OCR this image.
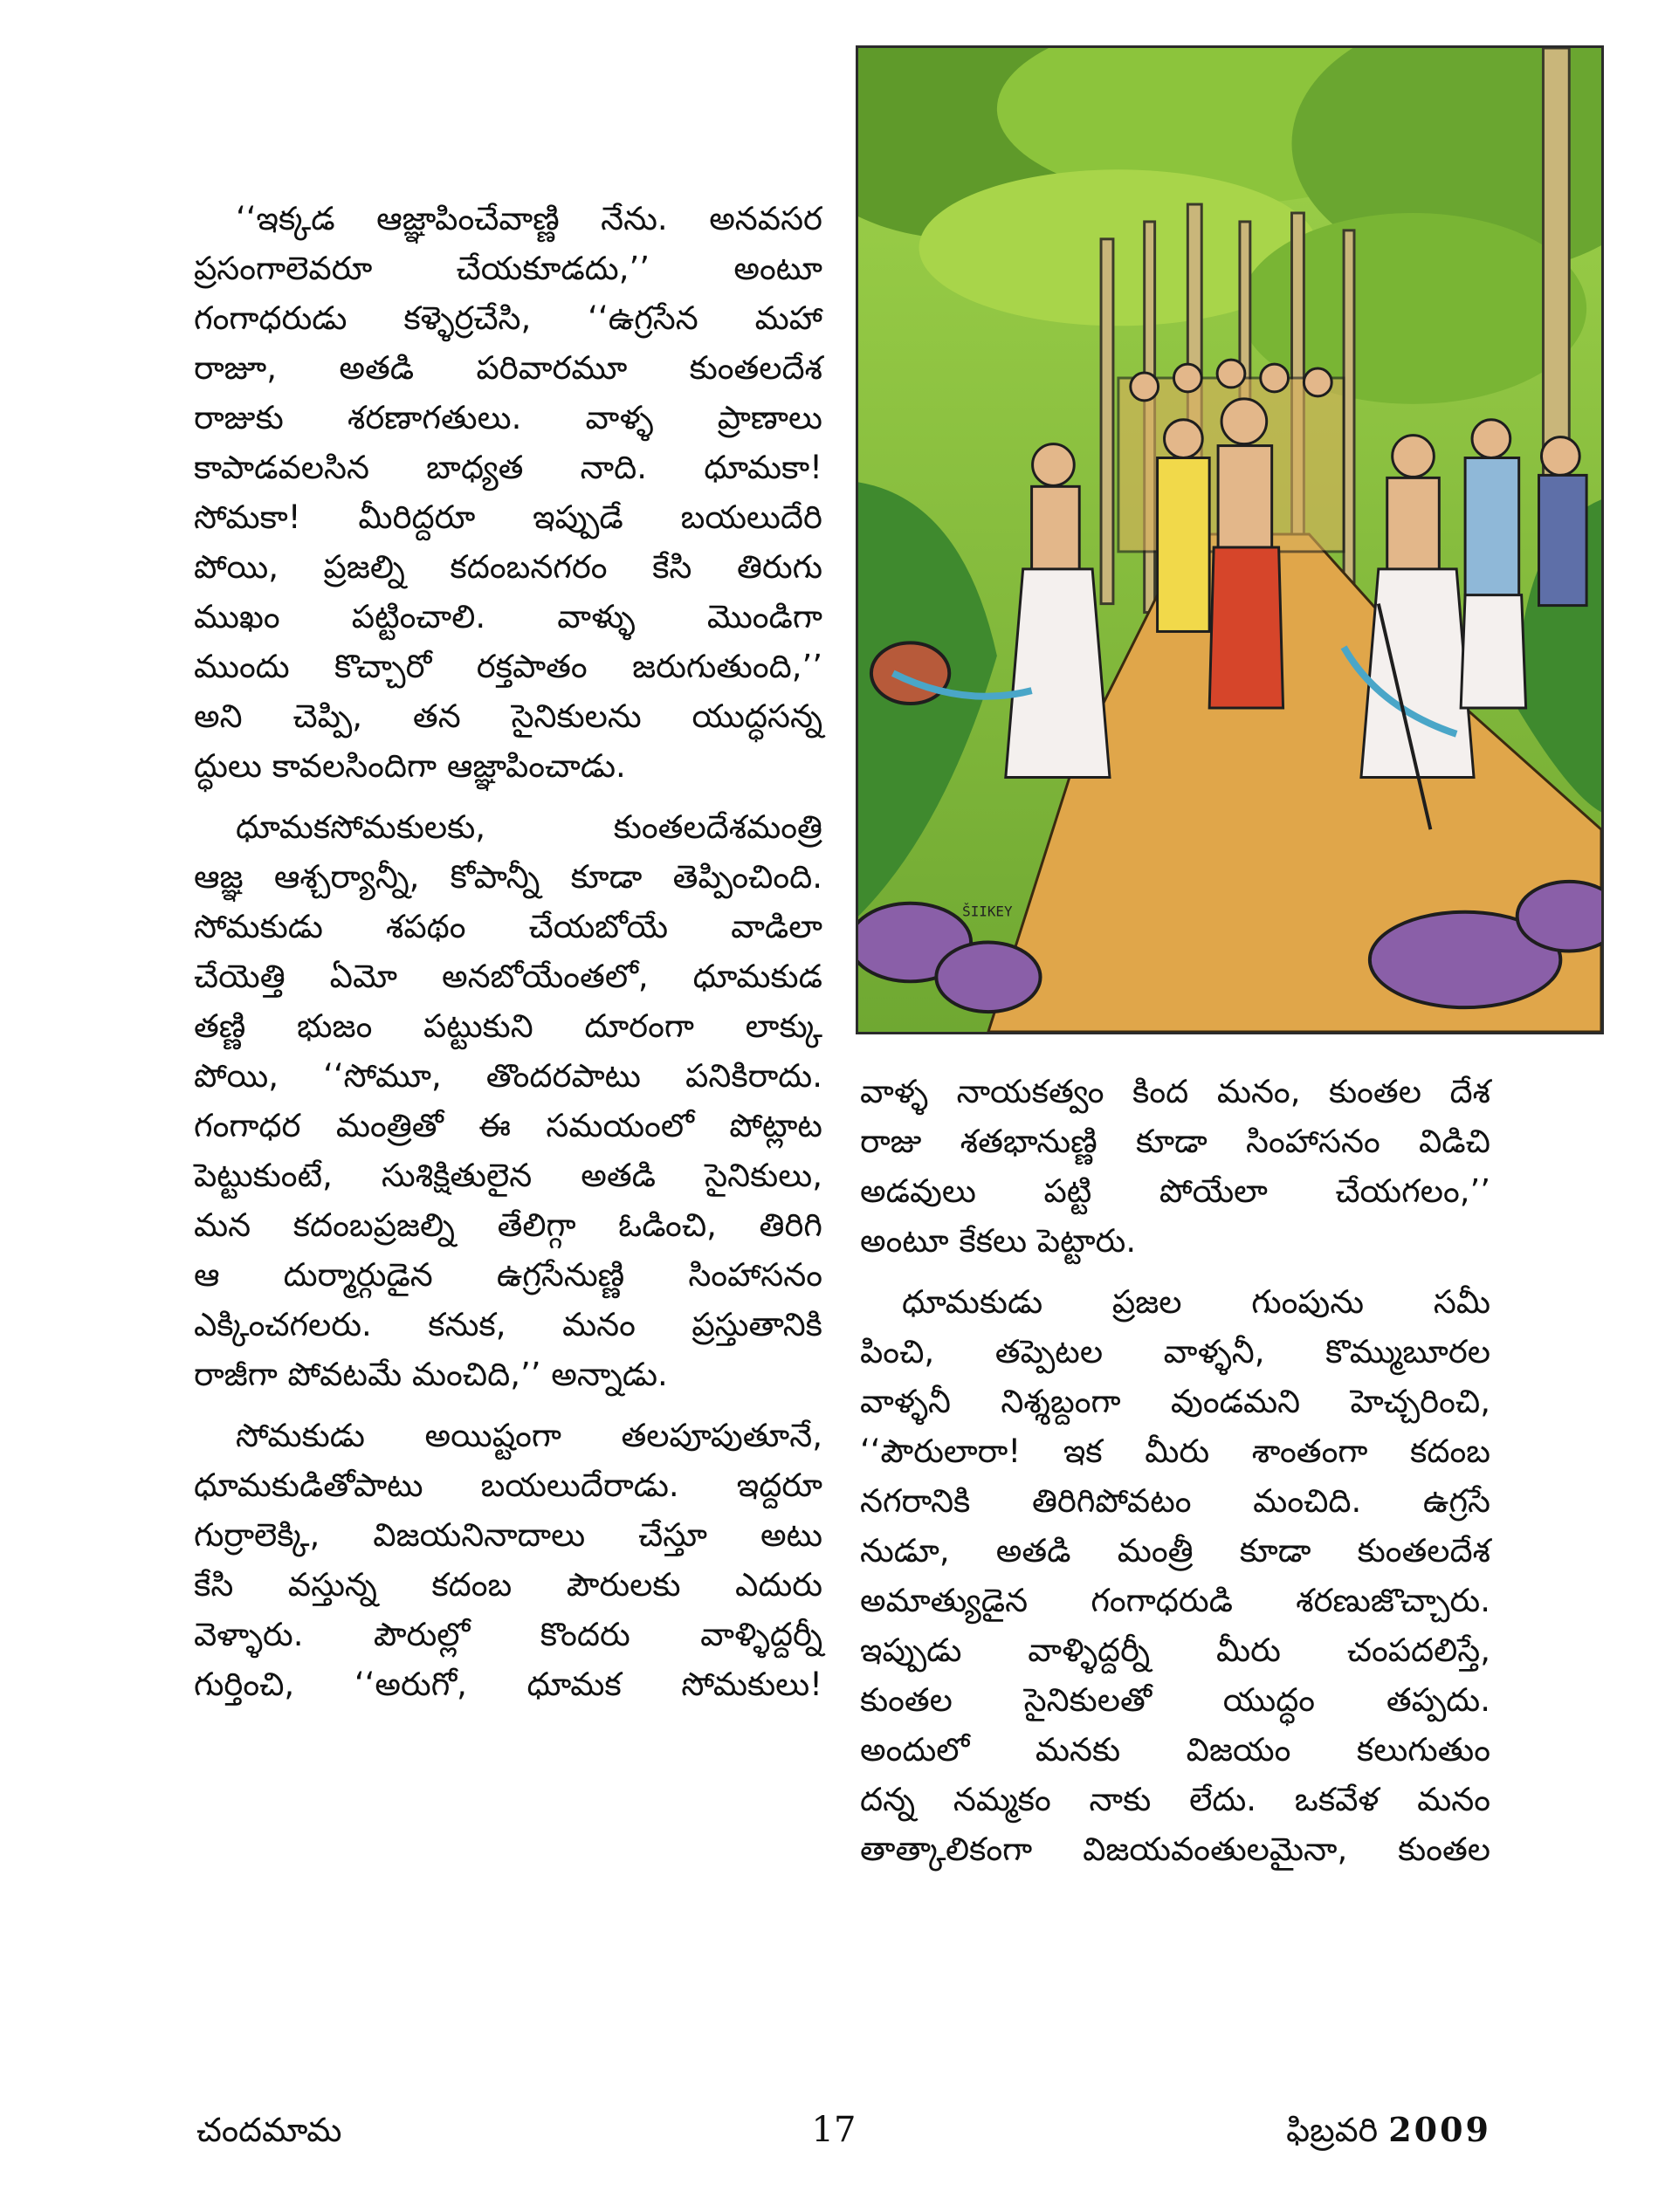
‘‘ఇక్కడ ఆజ్ఞాపించేవాణ్ణి నేను. అనవసర
ప్రసంగాలెవరూ చేయకూడదు,’’ అంటూ
గంగాధరుడు కళ్ళెర్రచేసి, ‘‘ఉగ్రసేన మహా
రాజూ, అతడి పరివారమూ కుంతలదేశ
రాజుకు శరణాగతులు. వాళ్ళ ప్రాణాలు
కాపాడవలసిన బాధ్యత నాది. ధూమకా!
సోమకా! మీరిద్దరూ ఇప్పుడే బయలుదేరి
పోయి, ప్రజల్ని కదంబనగరం కేసి తిరుగు
ముఖం పట్టించాలి. వాళ్ళు మొండిగా
ముందు కొచ్చారో రక్తపాతం జరుగుతుంది,’’
అని చెప్పి, తన సైనికులను యుద్ధసన్న
ద్ధులు కావలసిందిగా ఆజ్ఞాపించాడు.
ధూమకసోమకులకు, కుంతలదేశమంత్రి
ఆజ్ఞ ఆశ్చర్యాన్నీ, కోపాన్నీ కూడా తెప్పించింది.
సోమకుడు శపథం చేయబోయే వాడిలా
చేయెత్తి ఏమో అనబోయేంతలో, ధూమకుడ
తణ్ణి భుజం పట్టుకుని దూరంగా లాక్కు
పోయి, ‘‘సోమూ, తొందరపాటు పనికిరాదు.
గంగాధర మంత్రితో ఈ సమయంలో పోట్లాట
పెట్టుకుంటే, సుశిక్షితులైన అతడి సైనికులు,
మన కదంబప్రజల్ని తేలిగ్గా ఓడించి, తిరిగి
ఆ దుర్మార్గుడైన ఉగ్రసేనుణ్ణి సింహాసనం
ఎక్కించగలరు. కనుక, మనం ప్రస్తుతానికి
రాజీగా పోవటమే మంచిది,’’ అన్నాడు.
సోమకుడు అయిష్టంగా తలపూపుతూనే,
ధూమకుడితోపాటు బయలుదేరాడు. ఇద్దరూ
గుర్రాలెక్కి, విజయనినాదాలు చేస్తూ అటు
కేసి వస్తున్న కదంబ పౌరులకు ఎదురు
వెళ్ళారు. పౌరుల్లో కొందరు వాళ్ళిద్దర్నీ
గుర్తించి, ‘‘అరుగో, ధూమక సోమకులు!
ŠIIKEY
వాళ్ళ నాయకత్వం కింద మనం, కుంతల దేశ
రాజు శతభానుణ్ణి కూడా సింహాసనం విడిచి
అడవులు పట్టి పోయేలా చేయగలం,’’
అంటూ కేకలు పెట్టారు.
ధూమకుడు ప్రజల గుంపును సమీ
పించి, తప్పెటల వాళ్ళనీ, కొమ్ముబూరల
వాళ్ళనీ నిశ్శబ్దంగా వుండమని హెచ్చరించి,
‘‘పౌరులారా! ఇక మీరు శాంతంగా కదంబ
నగరానికి తిరిగిపోవటం మంచిది. ఉగ్రసే
నుడూ, అతడి మంత్రీ కూడా కుంతలదేశ
అమాత్యుడైన గంగాధరుడి శరణుజొచ్చారు.
ఇప్పుడు వాళ్ళిద్దర్నీ మీరు చంపదలిస్తే,
కుంతల సైనికులతో యుద్ధం తప్పదు.
అందులో మనకు విజయం కలుగుతుం
దన్న నమ్మకం నాకు లేదు. ఒకవేళ మనం
తాత్కాలికంగా విజయవంతులమైనా, కుంతల
చందమామ	17	ఫిబ్రవరి 2009
